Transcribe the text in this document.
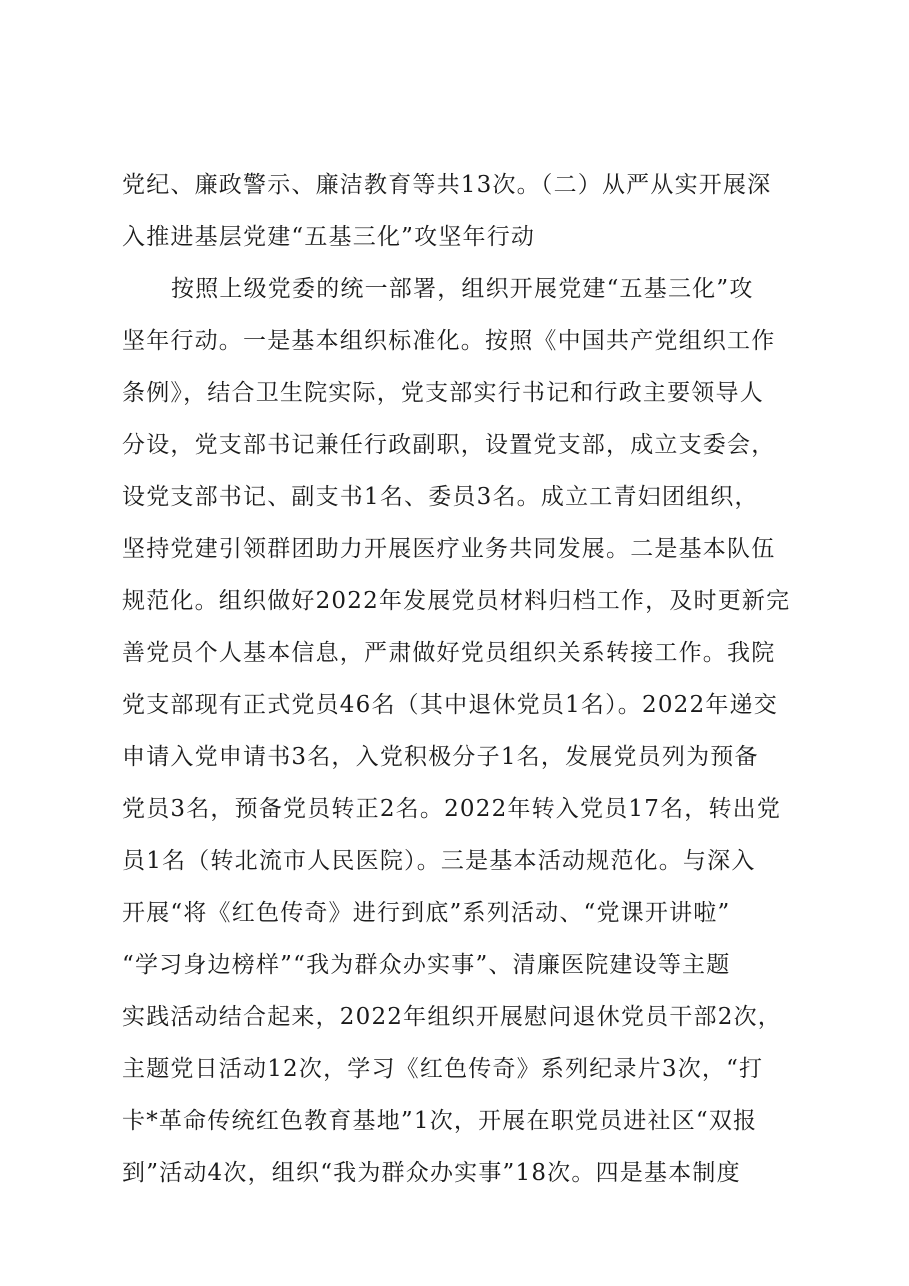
党纪、廉政警示、廉洁教育等共13次。（二）从严从实开展深
入推进基层党建“五基三化”攻坚年行动
按照上级党委的统一部署，组织开展党建“五基三化”攻
坚年行动。一是基本组织标准化。按照《中国共产党组织工作
条例》，结合卫生院实际，党支部实行书记和行政主要领导人
分设，党支部书记兼任行政副职，设置党支部，成立支委会，
设党支部书记、副支书1名、委员3名。成立工青妇团组织，
坚持党建引领群团助力开展医疗业务共同发展。二是基本队伍
规范化。组织做好2022年发展党员材料归档工作，及时更新完
善党员个人基本信息，严肃做好党员组织关系转接工作。我院
党支部现有正式党员46名（其中退休党员1名）。2022年递交
申请入党申请书3名，入党积极分子1名，发展党员列为预备
党员3名，预备党员转正2名。2022年转入党员17名，转出党
员1名（转北流市人民医院）。三是基本活动规范化。与深入
开展“将《红色传奇》进行到底”系列活动、“党课开讲啦”
“学习身边榜样”“我为群众办实事”、清廉医院建设等主题
实践活动结合起来，2022年组织开展慰问退休党员干部2次，
主题党日活动12次，学习《红色传奇》系列纪录片3次，“打
卡*革命传统红色教育基地”1次，开展在职党员进社区“双报
到”活动4次，组织“我为群众办实事”18次。四是基本制度
